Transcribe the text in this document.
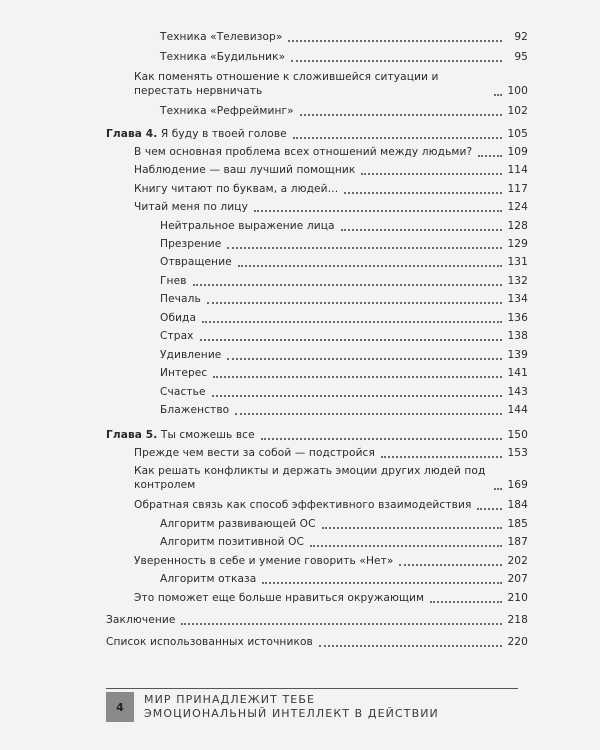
Техника «Телевизор»	92
Техника «Будильник»	95
Как поменять отношение к сложившейся ситуации и перестать нервничать	100
Техника «Рефрейминг»	102
Глава 4. Я буду в твоей голове	105
В чем основная проблема всех отношений между людьми?	109
Наблюдение — ваш лучший помощник	114
Книгу читают по буквам, а людей…	117
Читай меня по лицу	124
Нейтральное выражение лица	128
Презрение	129
Отвращение	131
Гнев	132
Печаль	134
Обида	136
Страх	138
Удивление	139
Интерес	141
Счастье	143
Блаженство	144
Глава 5. Ты сможешь все	150
Прежде чем вести за собой — подстройся	153
Как решать конфликты и держать эмоции других людей под контролем	169
Обратная связь как способ эффективного взаимодействия	184
Алгоритм развивающей ОС	185
Алгоритм позитивной ОС	187
Уверенность в себе и умение говорить «Нет»	202
Алгоритм отказа	207
Это поможет еще больше нравиться окружающим	210
Заключение	218
Список использованных источников	220
4
МИР ПРИНАДЛЕЖИТ ТЕБЕ
ЭМОЦИОНАЛЬНЫЙ ИНТЕЛЛЕКТ В ДЕЙСТВИИ
